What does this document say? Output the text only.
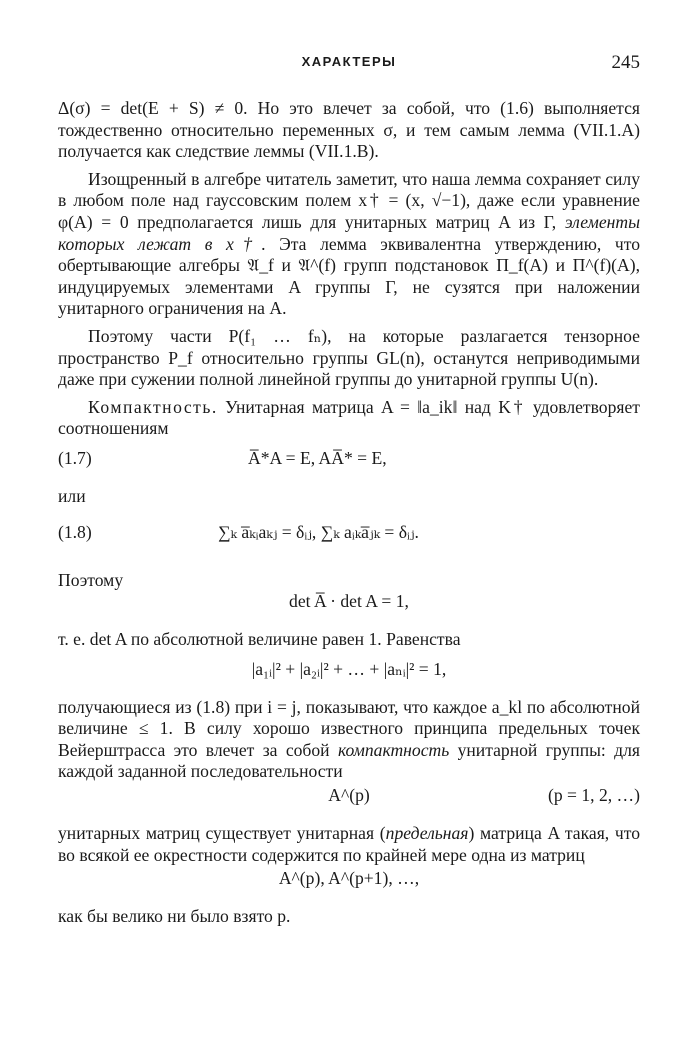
ХАРАКТЕРЫ	245

Δ(σ) = det(E + S) ≠ 0. Но это влечет за собой, что (1.6) выполняется тождественно относительно переменных σ, и тем самым лемма (VII.1.A) получается как следствие леммы (VII.1.B).

Изощренный в алгебре читатель заметит, что наша лемма сохраняет силу в любом поле над гауссовским полем x† = (x, √−1), даже если уравнение φ(A) = 0 предполагается лишь для унитарных матриц A из Γ, элементы которых лежат в x†. Эта лемма эквивалентна утверждению, что обертывающие алгебры 𝔄_f и 𝔄^(f) групп подстановок Π_f(A) и Π^(f)(A), индуцируемых элементами A группы Γ, не сузятся при наложении унитарного ограничения на A.

Поэтому части P(f₁ … fₙ), на которые разлагается тензорное пространство P_f относительно группы GL(n), останутся неприводимыми даже при сужении полной линейной группы до унитарной группы U(n).

Компактность. Унитарная матрица A = ‖a_ik‖ над K† удовлетворяет соотношениям

(1.7)	A̅*A = E, AA̅* = E,

или

(1.8)	∑ₖ a̅ₖᵢaₖⱼ = δᵢⱼ, ∑ₖ aᵢₖa̅ⱼₖ = δᵢⱼ.

Поэтому

det A̅ · det A = 1,

т. е. det A по абсолютной величине равен 1. Равенства

|a₁ᵢ|² + |a₂ᵢ|² + … + |aₙᵢ|² = 1,

получающиеся из (1.8) при i = j, показывают, что каждое a_kl по абсолютной величине ≤ 1. В силу хорошо известного принципа предельных точек Вейерштрасса это влечет за собой компактность унитарной группы: для каждой заданной последовательности

A^(p)	(p = 1, 2, …)

унитарных матриц существует унитарная (предельная) матрица A такая, что во всякой ее окрестности содержится по крайней мере одна из матриц

A^(p), A^(p+1), …,

как бы велико ни было взято p.
